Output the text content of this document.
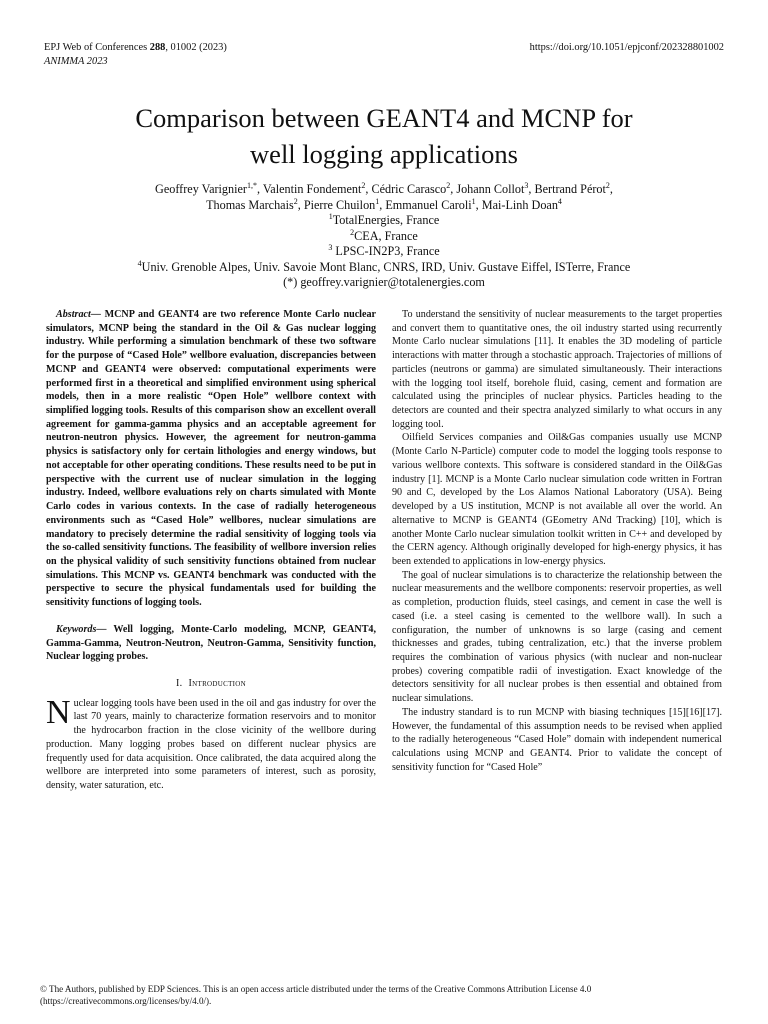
EPJ Web of Conferences 288, 01002 (2023)	https://doi.org/10.1051/epjconf/202328801002
ANIMMA 2023
Comparison between GEANT4 and MCNP for
well logging applications
Geoffrey Varignier$^{1,*}$, Valentin Fondement$^2$, Cédric Carasco$^2$, Johann Collot$^3$, Bertrand Pérot$^2$,
Thomas Marchais$^2$, Pierre Chuilon$^1$, Emmanuel Caroli$^1$, Mai-Linh Doan$^4$
$^1$TotalEnergies, France
$^2$CEA, France
$^3$ LPSC-IN2P3, France
$^4$Univ. Grenoble Alpes, Univ. Savoie Mont Blanc, CNRS, IRD, Univ. Gustave Eiffel, ISTerre, France
(*) geoffrey.varignier@totalenergies.com

Abstract— MCNP and GEANT4 are two reference Monte Carlo nuclear simulators, MCNP being the standard in the Oil & Gas nuclear logging industry. While performing a simulation benchmark of these two software for the purpose of “Cased Hole” wellbore evaluation, discrepancies between MCNP and GEANT4 were observed: computational experiments were performed first in a theoretical and simplified environment using spherical models, then in a more realistic “Open Hole” wellbore context with simplified logging tools. Results of this comparison show an excellent overall agreement for gamma-gamma physics and an acceptable agreement for neutron-neutron physics. However, the agreement for neutron-gamma physics is satisfactory only for certain lithologies and energy windows, but not acceptable for other operating conditions. These results need to be put in perspective with the current use of nuclear simulation in the logging industry. Indeed, wellbore evaluations rely on charts simulated with Monte Carlo codes in various contexts. In the case of radially heterogeneous environments such as “Cased Hole” wellbores, nuclear simulations are mandatory to precisely determine the radial sensitivity of logging tools via the so-called sensitivity functions. The feasibility of wellbore inversion relies on the physical validity of such sensitivity functions obtained from nuclear simulations. This MCNP vs. GEANT4 benchmark was conducted with the perspective to secure the physical fundamentals used for building the sensitivity functions of logging tools.

Keywords— Well logging, Monte-Carlo modeling, MCNP, GEANT4, Gamma-Gamma, Neutron-Neutron, Neutron-Gamma, Sensitivity function, Nuclear logging probes.

I. Introduction

Nuclear logging tools have been used in the oil and gas industry for over the last 70 years, mainly to characterize formation reservoirs and to monitor the hydrocarbon fraction in the close vicinity of the wellbore during production. Many logging probes based on different nuclear physics are frequently used for data acquisition. Once calibrated, the data acquired along the wellbore are interpreted into some parameters of interest, such as porosity, density, water saturation, etc.

To understand the sensitivity of nuclear measurements to the target properties and convert them to quantitative ones, the oil industry started using recurrently Monte Carlo nuclear simulations [11]. It enables the 3D modeling of particle interactions with matter through a stochastic approach. Trajectories of millions of particles (neutrons or gamma) are simulated simultaneously. Their interactions with the logging tool itself, borehole fluid, casing, cement and formation are calculated using the principles of nuclear physics. Particles heading to the detectors are counted and their spectra analyzed similarly to what occurs in any logging tool.

Oilfield Services companies and Oil&Gas companies usually use MCNP (Monte Carlo N-Particle) computer code to model the logging tools response to various wellbore contexts. This software is considered standard in the Oil&Gas industry [1]. MCNP is a Monte Carlo nuclear simulation code written in Fortran 90 and C, developed by the Los Alamos National Laboratory (USA). Being developed by a US institution, MCNP is not available all over the world. An alternative to MCNP is GEANT4 (GEometry ANd Tracking) [10], which is another Monte Carlo nuclear simulation toolkit written in C++ and developed by the CERN agency. Although originally developed for high-energy physics, it has been extended to applications in low-energy physics.

The goal of nuclear simulations is to characterize the relationship between the nuclear measurements and the wellbore components: reservoir properties, as well as completion, production fluids, steel casings, and cement in case the well is cased (i.e. a steel casing is cemented to the wellbore wall). In such a configuration, the number of unknowns is so large (casing and cement thicknesses and grades, tubing centralization, etc.) that the inverse problem requires the combination of various physics (with nuclear and non-nuclear probes) covering compatible radii of investigation. Exact knowledge of the detectors sensitivity for all nuclear probes is then essential and obtained from nuclear simulations.

The industry standard is to run MCNP with biasing techniques [15][16][17]. However, the fundamental of this assumption needs to be revised when applied to the radially heterogeneous “Cased Hole” domain with independent numerical calculations using MCNP and GEANT4. Prior to validate the concept of sensitivity function for “Cased Hole”

© The Authors, published by EDP Sciences. This is an open access article distributed under the terms of the Creative Commons Attribution License 4.0
(https://creativecommons.org/licenses/by/4.0/).
